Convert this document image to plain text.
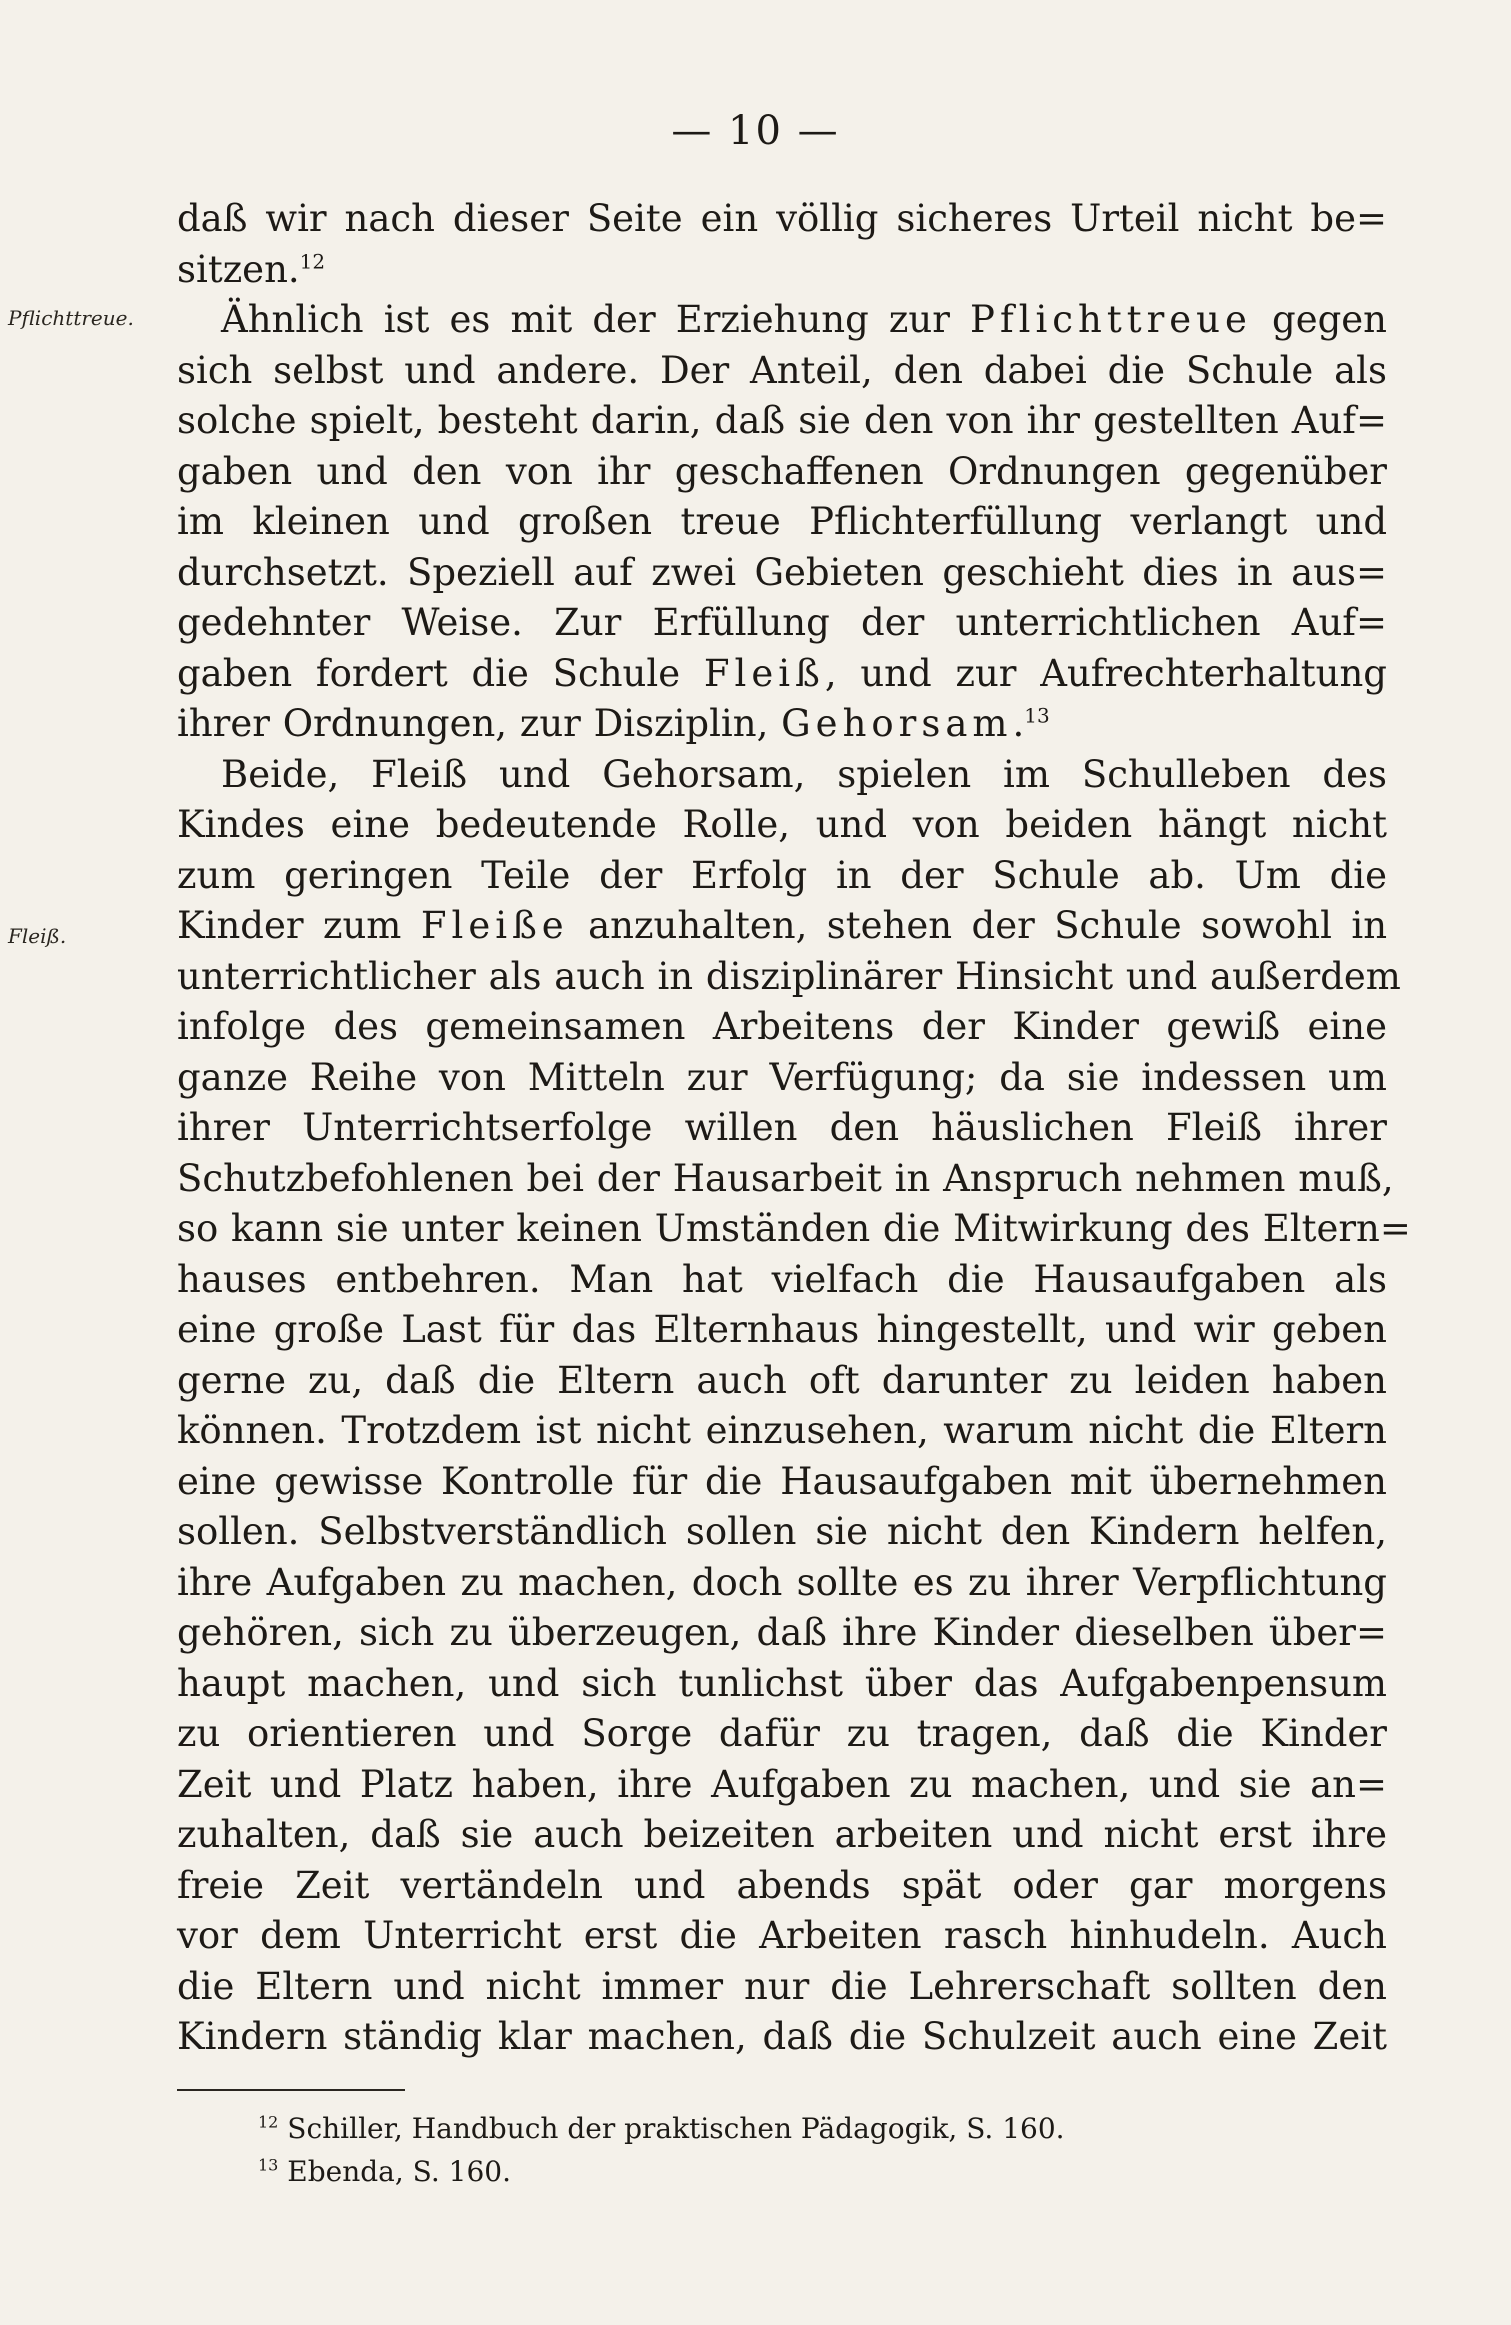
— 10 —
Pflichttreue.
Fleiß.
daß wir nach dieser Seite ein völlig sicheres Urteil nicht be=
sitzen.$^{12}$
Ähnlich ist es mit der Erziehung zur Pflichttreue gegen
sich selbst und andere. Der Anteil, den dabei die Schule als
solche spielt, besteht darin, daß sie den von ihr gestellten Auf=
gaben und den von ihr geschaffenen Ordnungen gegenüber
im kleinen und großen treue Pflichterfüllung verlangt und
durchsetzt. Speziell auf zwei Gebieten geschieht dies in aus=
gedehnter Weise. Zur Erfüllung der unterrichtlichen Auf=
gaben fordert die Schule Fleiß, und zur Aufrechterhaltung
ihrer Ordnungen, zur Disziplin, Gehorsam.$^{13}$
Beide, Fleiß und Gehorsam, spielen im Schulleben des
Kindes eine bedeutende Rolle, und von beiden hängt nicht
zum geringen Teile der Erfolg in der Schule ab. Um die
Kinder zum Fleiße anzuhalten, stehen der Schule sowohl in
unterrichtlicher als auch in disziplinärer Hinsicht und außerdem
infolge des gemeinsamen Arbeitens der Kinder gewiß eine
ganze Reihe von Mitteln zur Verfügung; da sie indessen um
ihrer Unterrichtserfolge willen den häuslichen Fleiß ihrer
Schutzbefohlenen bei der Hausarbeit in Anspruch nehmen muß,
so kann sie unter keinen Umständen die Mitwirkung des Eltern=
hauses entbehren. Man hat vielfach die Hausaufgaben als
eine große Last für das Elternhaus hingestellt, und wir geben
gerne zu, daß die Eltern auch oft darunter zu leiden haben
können. Trotzdem ist nicht einzusehen, warum nicht die Eltern
eine gewisse Kontrolle für die Hausaufgaben mit übernehmen
sollen. Selbstverständlich sollen sie nicht den Kindern helfen,
ihre Aufgaben zu machen, doch sollte es zu ihrer Verpflichtung
gehören, sich zu überzeugen, daß ihre Kinder dieselben über=
haupt machen, und sich tunlichst über das Aufgabenpensum
zu orientieren und Sorge dafür zu tragen, daß die Kinder
Zeit und Platz haben, ihre Aufgaben zu machen, und sie an=
zuhalten, daß sie auch beizeiten arbeiten und nicht erst ihre
freie Zeit vertändeln und abends spät oder gar morgens
vor dem Unterricht erst die Arbeiten rasch hinhudeln. Auch
die Eltern und nicht immer nur die Lehrerschaft sollten den
Kindern ständig klar machen, daß die Schulzeit auch eine Zeit
$^{12}$ Schiller, Handbuch der praktischen Pädagogik, S. 160.
$^{13}$ Ebenda, S. 160.
